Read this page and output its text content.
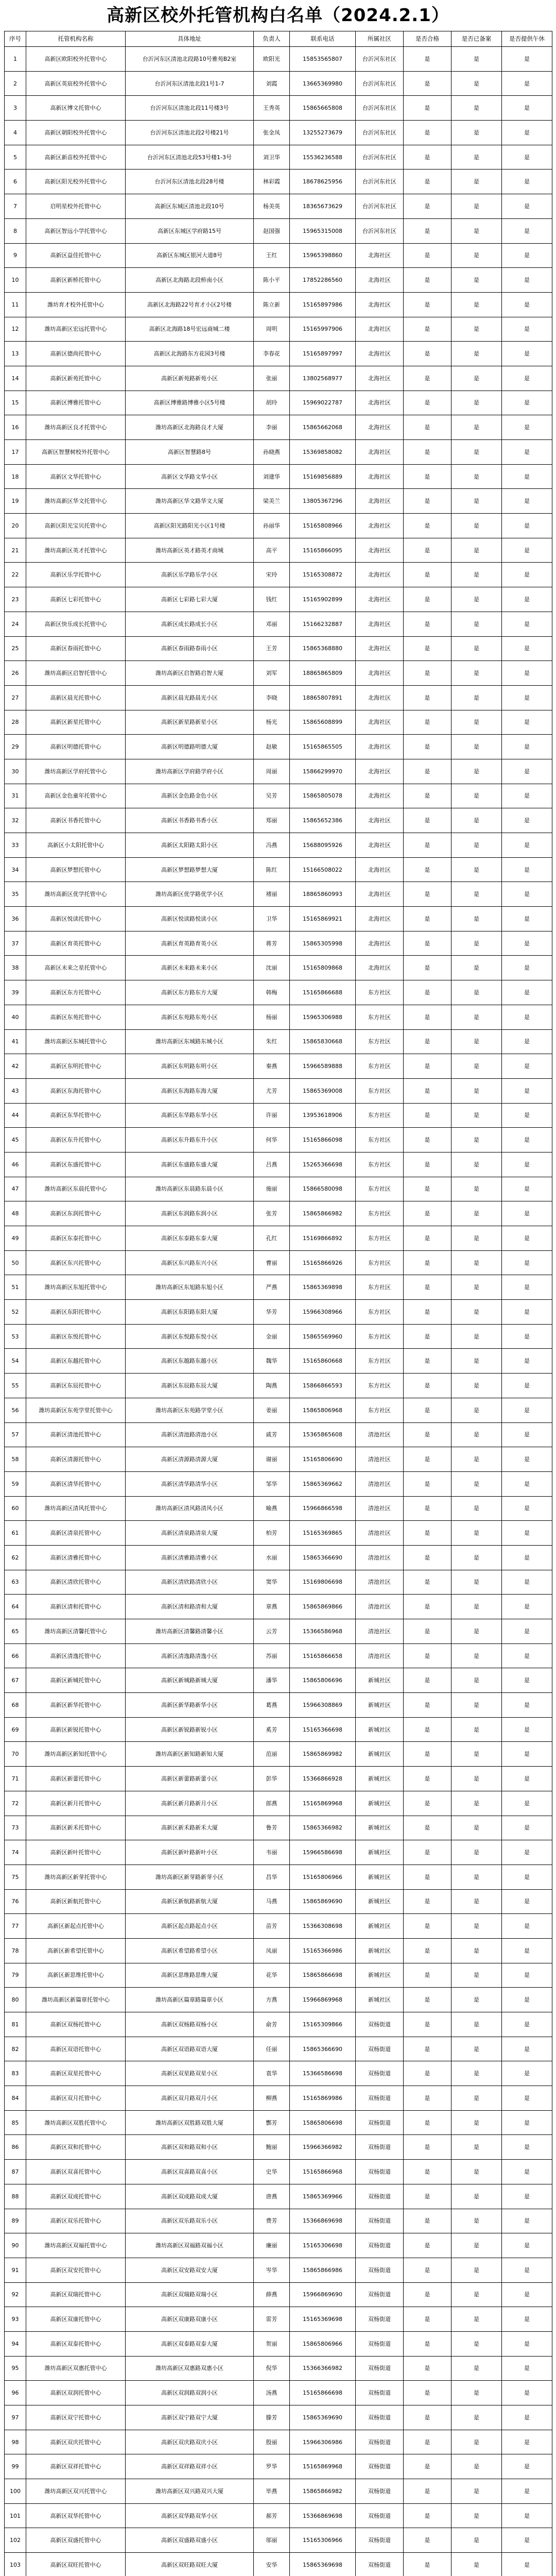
高新区校外托管机构白名单（2024.2.1）
序号	托管机构名称	具体地址	负责人	联系电话	所属社区	是否合格	是否已备案	是否提供午休
1	高新区欧阳校外托管中心	台沂河东区清池北段路10号雅苑B2室	欧阳光	15853565807	台沂河东社区	是	是	是
2	高新区英宸校外托管中心	台沂河东区清池北段1号1-7	刘霞	13665369980	台沂河东社区	是	是	是
3	高新区博文托管中心	台沂河东区清池北段11号楼3号	王秀英	15865665808	台沂河东社区	是	是	是
4	高新区朝阳校外托管中心	台沂河东区清池北段2号楼21号	张金凤	13255273679	台沂河东社区	是	是	是
5	高新区新苗校外托管中心	台沂河东区清池北段53号楼1-3号	刘卫华	15536236588	台沂河东社区	是	是	是
6	高新区阳光校外托管中心	台沂河东区清池北段28号楼	林彩霞	18678625956	台沂河东社区	是	是	是
7	启明星校外托管中心	高新区东城区清池北段10号	杨美英	18365673629	台沂河东社区	是	是	是
8	高新区智远小学托管中心	高新区东城区学府路15号	赵国强	15965315008	台沂河东社区	是	是	是
9	高新区益佳托管中心	高新区东城区银河大道8号	王红	15965398860	北海社区	是	是	是
10	高新区新桥托管中心	高新区北海路北段桥南小区	陈小平	17852286560	北海社区	是	是	是
11	潍坊育才校外托管中心	高新区北海路22号育才小区2号楼	陈立新	15165897986	北海社区	是	是	是
12	潍坊高新区宏远托管中心	高新区北海路18号宏远商城二楼	周明	15165997906	北海社区	是	是	是
13	高新区德尚托管中心	高新区北海路东方花园3号楼	李春花	15165897997	北海社区	是	是	是
14	高新区新苑托管中心	高新区新苑路新苑小区	张丽	13802568977	北海社区	是	是	是
15	高新区博雅托管中心	高新区博雅路博雅小区5号楼	胡玲	15969022787	北海社区	是	是	是
16	潍坊高新区良才托管中心	潍坊高新区北海路良才大厦	李丽	15865662068	北海社区	是	是	是
17	高新区智慧树校外托管中心	高新区智慧路8号	孙晓燕	15369858082	北海社区	是	是	是
18	高新区文华托管中心	高新区文华路文华小区	刘建华	15169856889	北海社区	是	是	是
19	潍坊高新区华文托管中心	潍坊高新区华文路华文大厦	梁美兰	13805367296	北海社区	是	是	是
20	高新区阳光宝贝托管中心	高新区阳光路阳光小区1号楼	孙丽华	15165808966	北海社区	是	是	是
21	潍坊高新区英才托管中心	潍坊高新区英才路英才商城	高平	15165866095	北海社区	是	是	是
22	高新区乐学托管中心	高新区乐学路乐学小区	宋玲	15165308872	北海社区	是	是	是
23	高新区七彩托管中心	高新区七彩路七彩大厦	钱红	15165902899	北海社区	是	是	是
24	高新区快乐成长托管中心	高新区成长路成长小区	邓丽	15166232887	北海社区	是	是	是
25	高新区春雨托管中心	高新区春雨路春雨小区	王芳	15865368880	北海社区	是	是	是
26	潍坊高新区启智托管中心	潍坊高新区启智路启智大厦	刘军	18865865809	北海社区	是	是	是
27	高新区晨光托管中心	高新区晨光路晨光小区	李晓	18865807891	北海社区	是	是	是
28	高新区新星托管中心	高新区新星路新星小区	杨光	15865608899	北海社区	是	是	是
29	高新区明德托管中心	高新区明德路明德大厦	赵敏	15165865505	北海社区	是	是	是
30	潍坊高新区学府托管中心	潍坊高新区学府路学府小区	周丽	15866299970	北海社区	是	是	是
31	高新区金色童年托管中心	高新区金色路金色小区	吴芳	15865805078	北海社区	是	是	是
32	高新区书香托管中心	高新区书香路书香小区	郑丽	15865652386	北海社区	是	是	是
33	高新区小太阳托管中心	高新区太阳路太阳小区	冯燕	15688095926	北海社区	是	是	是
34	高新区梦想托管中心	高新区梦想路梦想大厦	陈红	15166508022	北海社区	是	是	是
35	潍坊高新区优学托管中心	潍坊高新区优学路优学小区	褚丽	18865860993	北海社区	是	是	是
36	高新区悦读托管中心	高新区悦读路悦读小区	卫华	15165869921	北海社区	是	是	是
37	高新区育英托管中心	高新区育英路育英小区	蒋芳	15865305998	北海社区	是	是	是
38	高新区未来之星托管中心	高新区未来路未来小区	沈丽	15165809868	北海社区	是	是	是
39	高新区东方托管中心	高新区东方路东方大厦	韩梅	15165866688	东方社区	是	是	是
40	高新区东苑托管中心	高新区东苑路东苑小区	杨丽	15965306988	东方社区	是	是	是
41	潍坊高新区东城托管中心	潍坊高新区东城路东城小区	朱红	15865830668	东方社区	是	是	是
42	高新区东明托管中心	高新区东明路东明小区	秦燕	15966589888	东方社区	是	是	是
43	高新区东海托管中心	高新区东海路东海大厦	尤芳	15865369008	东方社区	是	是	是
44	高新区东华托管中心	高新区东华路东华小区	许丽	13953618906	东方社区	是	是	是
45	高新区东升托管中心	高新区东升路东升小区	何华	15165866098	东方社区	是	是	是
46	高新区东盛托管中心	高新区东盛路东盛大厦	吕燕	15265366698	东方社区	是	是	是
47	潍坊高新区东晨托管中心	潍坊高新区东晨路东晨小区	施丽	15866580098	东方社区	是	是	是
48	高新区东润托管中心	高新区东润路东润小区	张芳	15865866982	东方社区	是	是	是
49	高新区东泰托管中心	高新区东泰路东泰大厦	孔红	15169866892	东方社区	是	是	是
50	高新区东兴托管中心	高新区东兴路东兴小区	曹丽	15165866926	东方社区	是	是	是
51	潍坊高新区东旭托管中心	潍坊高新区东旭路东旭小区	严燕	15865369898	东方社区	是	是	是
52	高新区东阳托管中心	高新区东阳路东阳大厦	华芳	15966308966	东方社区	是	是	是
53	高新区东悦托管中心	高新区东悦路东悦小区	金丽	15865569960	东方社区	是	是	是
54	高新区东越托管中心	高新区东越路东越小区	魏华	15165860668	东方社区	是	是	是
55	高新区东辰托管中心	高新区东辰路东辰大厦	陶燕	15866866593	东方社区	是	是	是
56	潍坊高新区东苑学堂托管中心	潍坊高新区东苑路学堂小区	姜丽	15865806968	东方社区	是	是	是
57	高新区清池托管中心	高新区清池路清池小区	戚芳	15365865608	清池社区	是	是	是
58	高新区清源托管中心	高新区清源路清源大厦	谢丽	15165806690	清池社区	是	是	是
59	高新区清华托管中心	高新区清华路清华小区	邹华	15865369662	清池社区	是	是	是
60	潍坊高新区清风托管中心	潍坊高新区清风路清风小区	喻燕	15966866598	清池社区	是	是	是
61	高新区清泉托管中心	高新区清泉路清泉大厦	柏芳	15165369865	清池社区	是	是	是
62	高新区清雅托管中心	高新区清雅路清雅小区	水丽	15865366690	清池社区	是	是	是
63	高新区清欣托管中心	高新区清欣路清欣小区	窦华	15169806698	清池社区	是	是	是
64	高新区清和托管中心	高新区清和路清和大厦	章燕	15865869866	清池社区	是	是	是
65	潍坊高新区清馨托管中心	潍坊高新区清馨路清馨小区	云芳	15366586968	清池社区	是	是	是
66	高新区清逸托管中心	高新区清逸路清逸小区	苏丽	15165866658	清池社区	是	是	是
67	高新区新城托管中心	高新区新城路新城大厦	潘华	15865806696	新城社区	是	是	是
68	高新区新华托管中心	高新区新华路新华小区	葛燕	15966308869	新城社区	是	是	是
69	高新区新锐托管中心	高新区新锐路新锐小区	奚芳	15165366698	新城社区	是	是	是
70	潍坊高新区新知托管中心	潍坊高新区新知路新知大厦	范丽	15865869982	新城社区	是	是	是
71	高新区新蕾托管中心	高新区新蕾路新蕾小区	彭华	15366866928	新城社区	是	是	是
72	高新区新月托管中心	高新区新月路新月小区	郎燕	15165869968	新城社区	是	是	是
73	高新区新禾托管中心	高新区新禾路新禾大厦	鲁芳	15865366982	新城社区	是	是	是
74	高新区新叶托管中心	高新区新叶路新叶小区	韦丽	15966586698	新城社区	是	是	是
75	潍坊高新区新芽托管中心	潍坊高新区新芽路新芽小区	昌华	15165806966	新城社区	是	是	是
76	高新区新航托管中心	高新区新航路新航大厦	马燕	15865869690	新城社区	是	是	是
77	高新区新起点托管中心	高新区起点路起点小区	苗芳	15366308698	新城社区	是	是	是
78	高新区新希望托管中心	高新区希望路希望小区	凤丽	15165366986	新城社区	是	是	是
79	高新区新思维托管中心	高新区思维路思维大厦	花华	15865866698	新城社区	是	是	是
80	潍坊高新区新篇章托管中心	潍坊高新区篇章路篇章小区	方燕	15966869968	新城社区	是	是	是
81	高新区双杨托管中心	高新区双杨路双杨小区	俞芳	15165309866	双杨街道	是	是	是
82	高新区双语托管中心	高新区双语路双语大厦	任丽	15865366690	双杨街道	是	是	是
83	高新区双星托管中心	高新区双星路双星小区	袁华	15366586698	双杨街道	是	是	是
84	高新区双月托管中心	高新区双月路双月小区	柳燕	15165869986	双杨街道	是	是	是
85	潍坊高新区双胜托管中心	潍坊高新区双胜路双胜大厦	酆芳	15865806698	双杨街道	是	是	是
86	高新区双和托管中心	高新区双和路双和小区	鲍丽	15966366982	双杨街道	是	是	是
87	高新区双喜托管中心	高新区双喜路双喜小区	史华	15165866968	双杨街道	是	是	是
88	高新区双成托管中心	高新区双成路双成大厦	唐燕	15865369966	双杨街道	是	是	是
89	高新区双乐托管中心	高新区双乐路双乐小区	费芳	15366869698	双杨街道	是	是	是
90	潍坊高新区双福托管中心	潍坊高新区双福路双福小区	廉丽	15165306698	双杨街道	是	是	是
91	高新区双安托管中心	高新区双安路双安大厦	岑华	15865866986	双杨街道	是	是	是
92	高新区双瑞托管中心	高新区双瑞路双瑞小区	薛燕	15966869690	双杨街道	是	是	是
93	高新区双康托管中心	高新区双康路双康小区	雷芳	15165369698	双杨街道	是	是	是
94	高新区双泰托管中心	高新区双泰路双泰大厦	贺丽	15865806966	双杨街道	是	是	是
95	潍坊高新区双惠托管中心	潍坊高新区双惠路双惠小区	倪华	15366366982	双杨街道	是	是	是
96	高新区双润托管中心	高新区双润路双润小区	汤燕	15165866698	双杨街道	是	是	是
97	高新区双宁托管中心	高新区双宁路双宁大厦	滕芳	15865369690	双杨街道	是	是	是
98	高新区双庆托管中心	高新区双庆路双庆小区	殷丽	15966306986	双杨街道	是	是	是
99	高新区双祥托管中心	高新区双祥路双祥小区	罗华	15165869968	双杨街道	是	是	是
100	潍坊高新区双兴托管中心	潍坊高新区双兴路双兴大厦	毕燕	15865866982	双杨街道	是	是	是
101	高新区双华托管中心	高新区双华路双华小区	郝芳	15366869698	双杨街道	是	是	是
102	高新区双盛托管中心	高新区双盛路双盛小区	邬丽	15165306966	双杨街道	是	是	是
103	高新区双旺托管中心	高新区双旺路双旺大厦	安华	15865369698	双杨街道	是	是	是
